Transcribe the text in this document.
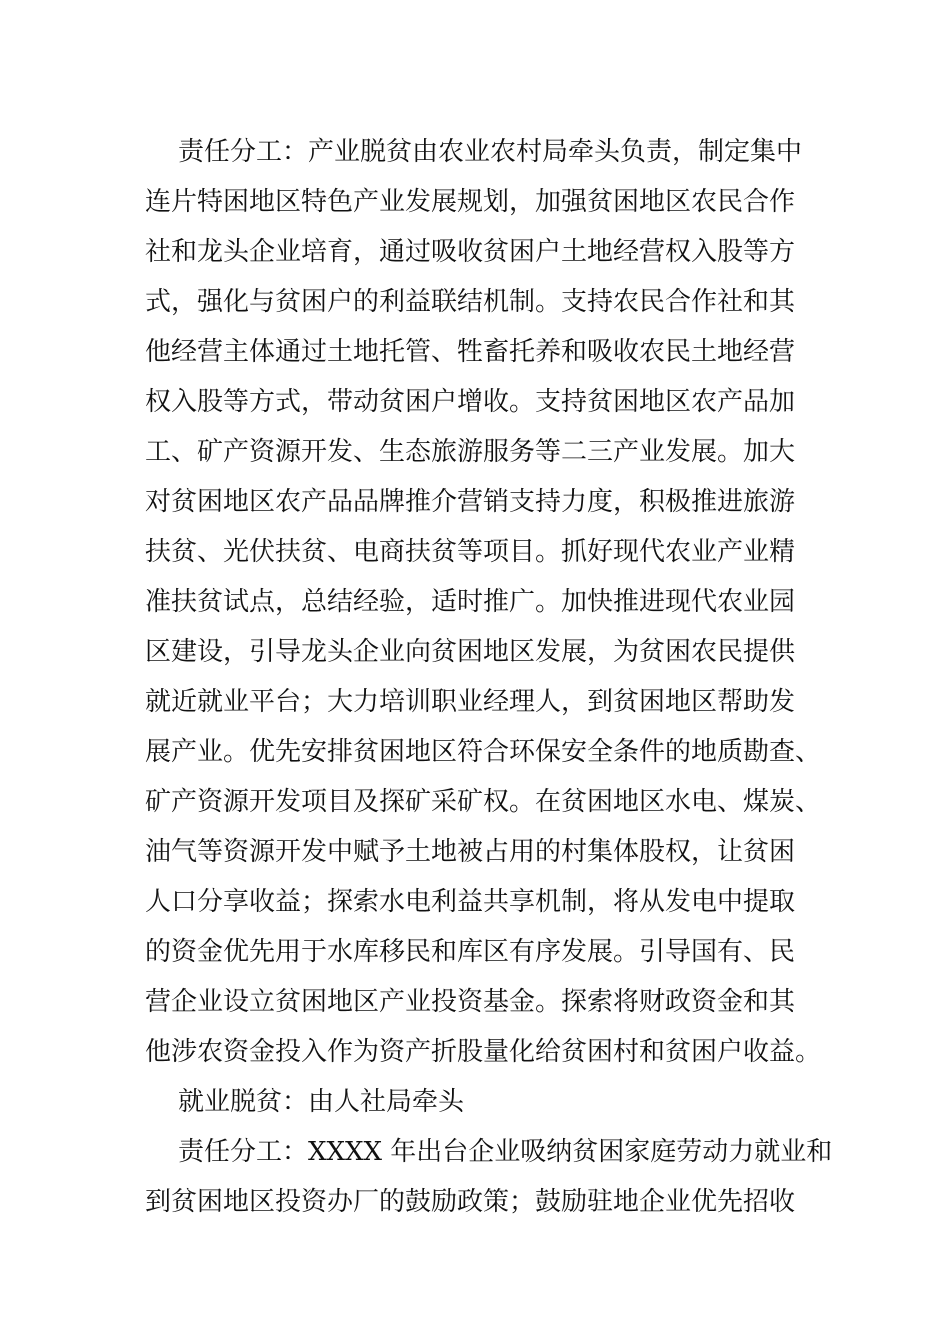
责任分工：产业脱贫由农业农村局牵头负责，制定集中
连片特困地区特色产业发展规划，加强贫困地区农民合作
社和龙头企业培育，通过吸收贫困户土地经营权入股等方
式，强化与贫困户的利益联结机制。支持农民合作社和其
他经营主体通过土地托管、牲畜托养和吸收农民土地经营
权入股等方式，带动贫困户增收。支持贫困地区农产品加
工、矿产资源开发、生态旅游服务等二三产业发展。加大
对贫困地区农产品品牌推介营销支持力度，积极推进旅游
扶贫、光伏扶贫、电商扶贫等项目。抓好现代农业产业精
准扶贫试点，总结经验，适时推广。加快推进现代农业园
区建设，引导龙头企业向贫困地区发展，为贫困农民提供
就近就业平台；大力培训职业经理人，到贫困地区帮助发
展产业。优先安排贫困地区符合环保安全条件的地质勘查、
矿产资源开发项目及探矿采矿权。在贫困地区水电、煤炭、
油气等资源开发中赋予土地被占用的村集体股权，让贫困
人口分享收益；探索水电利益共享机制，将从发电中提取
的资金优先用于水库移民和库区有序发展。引导国有、民
营企业设立贫困地区产业投资基金。探索将财政资金和其
他涉农资金投入作为资产折股量化给贫困村和贫困户收益。
就业脱贫：由人社局牵头
责任分工：XXXX 年出台企业吸纳贫困家庭劳动力就业和
到贫困地区投资办厂的鼓励政策；鼓励驻地企业优先招收
